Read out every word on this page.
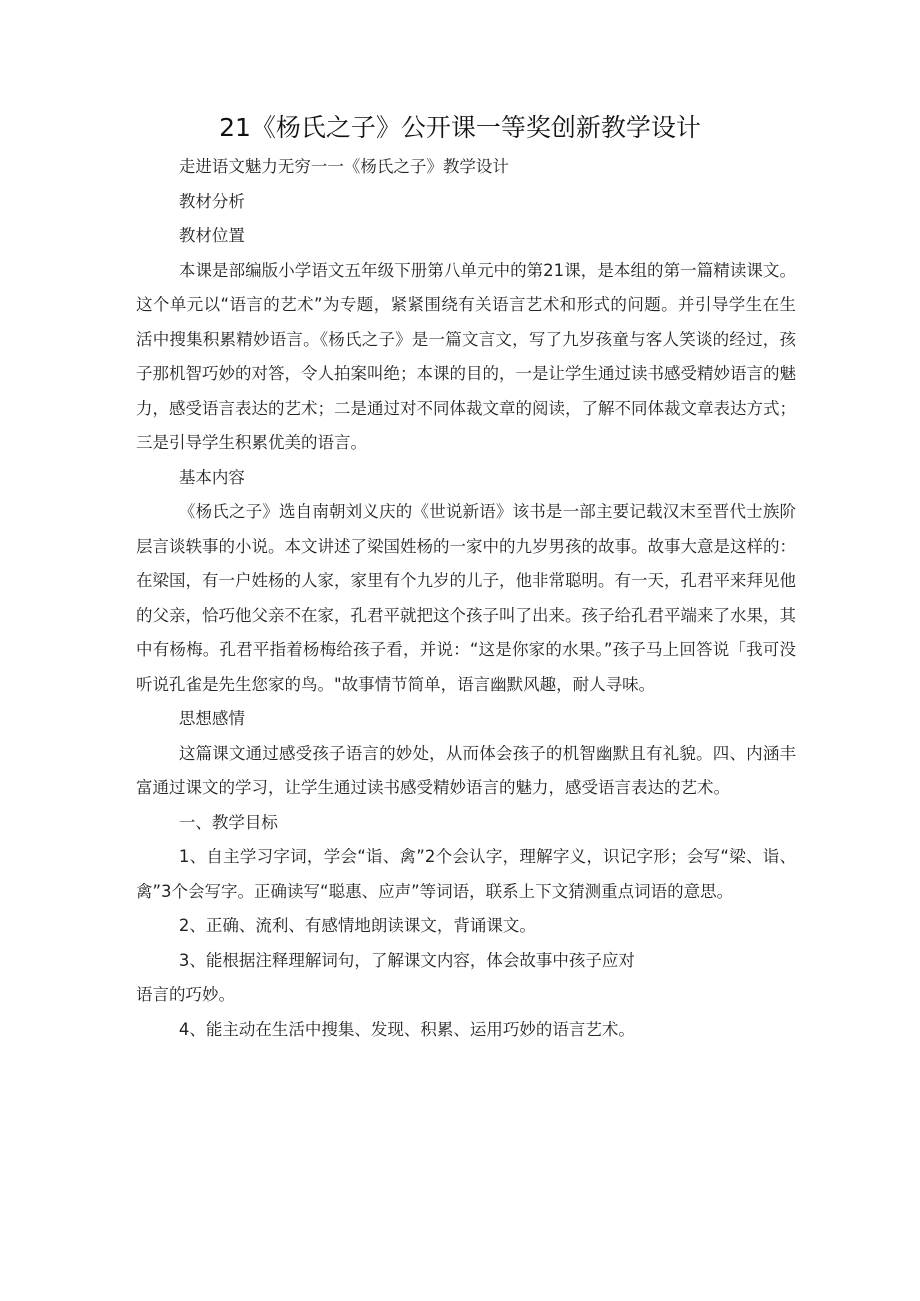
21《杨氏之子》公开课一等奖创新教学设计

走进语文魅力无穷一一《杨氏之子》教学设计

教材分析

教材位置

本课是部编版小学语文五年级下册第八单元中的第21课，是本组的第一篇精读课文。这个单元以“语言的艺术”为专题，紧紧围绕有关语言艺术和形式的问题。并引导学生在生活中搜集积累精妙语言。《杨氏之子》是一篇文言文，写了九岁孩童与客人笑谈的经过，孩子那机智巧妙的对答，令人拍案叫绝；本课的目的，一是让学生通过读书感受精妙语言的魅力，感受语言表达的艺术；二是通过对不同体裁文章的阅读，了解不同体裁文章表达方式；三是引导学生积累优美的语言。

基本内容

《杨氏之子》选自南朝刘义庆的《世说新语》该书是一部主要记载汉末至晋代士族阶层言谈轶事的小说。本文讲述了梁国姓杨的一家中的九岁男孩的故事。故事大意是这样的：在梁国，有一户姓杨的人家，家里有个九岁的儿子，他非常聪明。有一天，孔君平来拜见他的父亲，恰巧他父亲不在家，孔君平就把这个孩子叫了出来。孩子给孔君平端来了水果，其中有杨梅。孔君平指着杨梅给孩子看，并说：“这是你家的水果。”孩子马上回答说「我可没听说孔雀是先生您家的鸟。"故事情节简单，语言幽默风趣，耐人寻味。

思想感情

这篇课文通过感受孩子语言的妙处，从而体会孩子的机智幽默且有礼貌。四、内涵丰富通过课文的学习，让学生通过读书感受精妙语言的魅力，感受语言表达的艺术。

一、教学目标

1、自主学习字词，学会“诣、禽”2个会认字，理解字义，识记字形；会写“梁、诣、禽”3个会写字。正确读写“聪惠、应声”等词语，联系上下文猜测重点词语的意思。

2、正确、流利、有感情地朗读课文，背诵课文。

3、能根据注释理解词句，了解课文内容，体会故事中孩子应对

语言的巧妙。

4、能主动在生活中搜集、发现、积累、运用巧妙的语言艺术。
